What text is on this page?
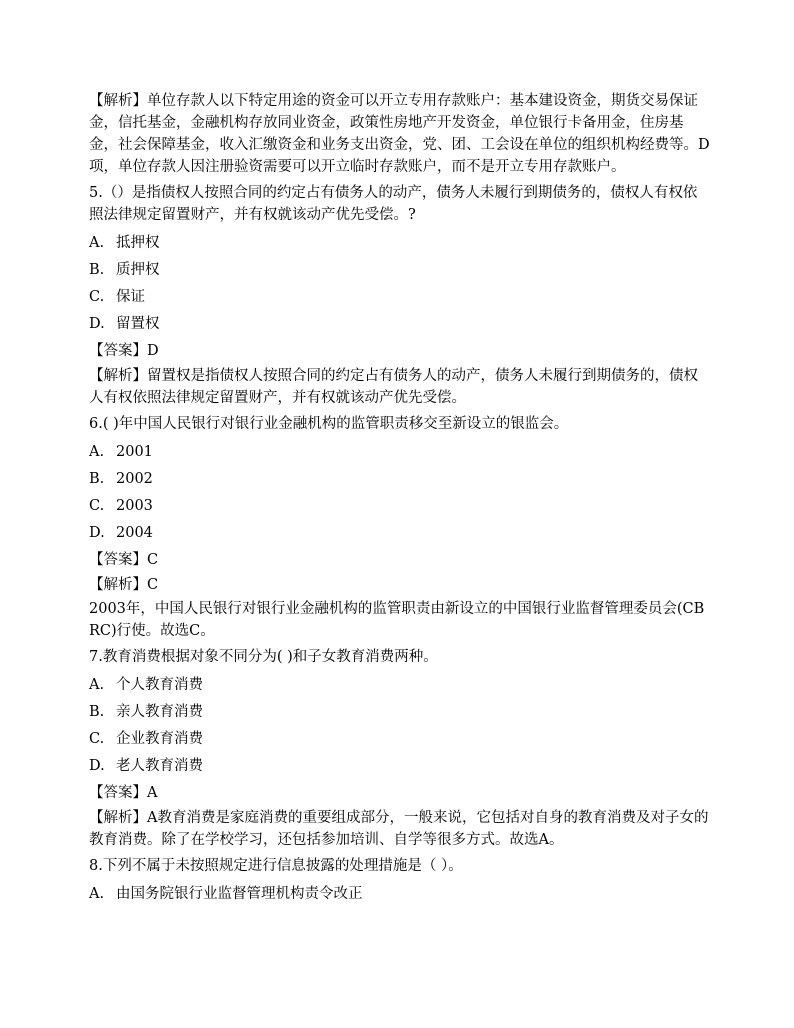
【解析】单位存款人以下特定用途的资金可以开立专用存款账户：基本建设资金，期货交易保证金，信托基金，金融机构存放同业资金，政策性房地产开发资金，单位银行卡备用金，住房基金，社会保障基金，收入汇缴资金和业务支出资金，党、团、工会设在单位的组织机构经费等。D项，单位存款人因注册验资需要可以开立临时存款账户，而不是开立专用存款账户。
5.（）是指债权人按照合同的约定占有债务人的动产，债务人未履行到期债务的，债权人有权依照法律规定留置财产，并有权就该动产优先受偿。?
A. 抵押权
B. 质押权
C. 保证
D. 留置权
【答案】D
【解析】留置权是指债权人按照合同的约定占有债务人的动产，债务人未履行到期债务的，债权人有权依照法律规定留置财产，并有权就该动产优先受偿。
6.( )年中国人民银行对银行业金融机构的监管职责移交至新设立的银监会。
A. 2001
B. 2002
C. 2003
D. 2004
【答案】C
【解析】C
2003年，中国人民银行对银行业金融机构的监管职责由新设立的中国银行业监督管理委员会(CBRC)行使。故选C。
7.教育消费根据对象不同分为( )和子女教育消费两种。
A. 个人教育消费
B. 亲人教育消费
C. 企业教育消费
D. 老人教育消费
【答案】A
【解析】A教育消费是家庭消费的重要组成部分，一般来说，它包括对自身的教育消费及对子女的教育消费。除了在学校学习，还包括参加培训、自学等很多方式。故选A。
8.下列不属于未按照规定进行信息披露的处理措施是（ ）。
A. 由国务院银行业监督管理机构责令改正
